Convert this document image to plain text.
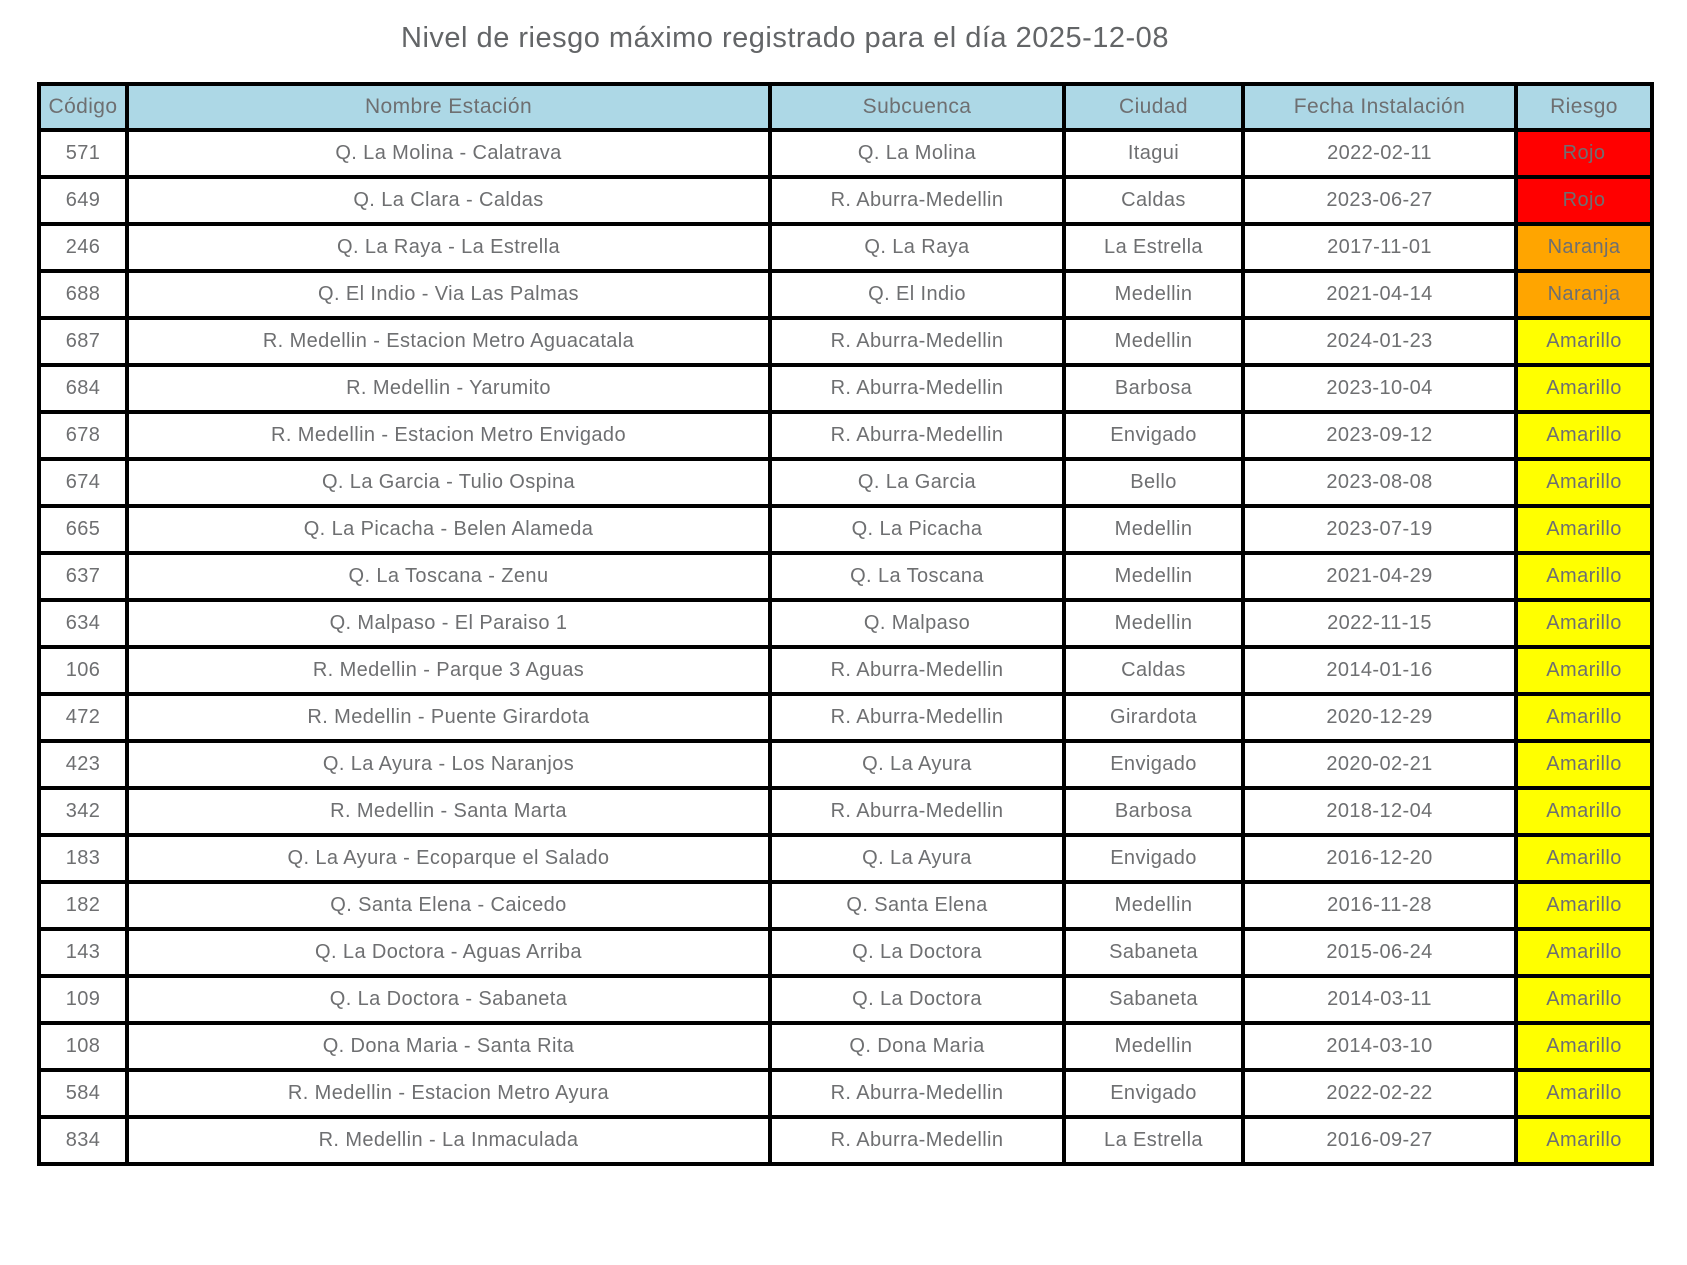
Nivel de riesgo máximo registrado para el día 2025-12-08
Código	Nombre Estación	Subcuenca	Ciudad	Fecha Instalación	Riesgo
571	Q. La Molina - Calatrava	Q. La Molina	Itagui	2022-02-11	Rojo
649	Q. La Clara - Caldas	R. Aburra-Medellin	Caldas	2023-06-27	Rojo
246	Q. La Raya - La Estrella	Q. La Raya	La Estrella	2017-11-01	Naranja
688	Q. El Indio - Via Las Palmas	Q. El Indio	Medellin	2021-04-14	Naranja
687	R. Medellin - Estacion Metro Aguacatala	R. Aburra-Medellin	Medellin	2024-01-23	Amarillo
684	R. Medellin - Yarumito	R. Aburra-Medellin	Barbosa	2023-10-04	Amarillo
678	R. Medellin - Estacion Metro Envigado	R. Aburra-Medellin	Envigado	2023-09-12	Amarillo
674	Q. La Garcia - Tulio Ospina	Q. La Garcia	Bello	2023-08-08	Amarillo
665	Q. La Picacha - Belen Alameda	Q. La Picacha	Medellin	2023-07-19	Amarillo
637	Q. La Toscana - Zenu	Q. La Toscana	Medellin	2021-04-29	Amarillo
634	Q. Malpaso - El Paraiso 1	Q. Malpaso	Medellin	2022-11-15	Amarillo
106	R. Medellin - Parque 3 Aguas	R. Aburra-Medellin	Caldas	2014-01-16	Amarillo
472	R. Medellin - Puente Girardota	R. Aburra-Medellin	Girardota	2020-12-29	Amarillo
423	Q. La Ayura - Los Naranjos	Q. La Ayura	Envigado	2020-02-21	Amarillo
342	R. Medellin - Santa Marta	R. Aburra-Medellin	Barbosa	2018-12-04	Amarillo
183	Q. La Ayura - Ecoparque el Salado	Q. La Ayura	Envigado	2016-12-20	Amarillo
182	Q. Santa Elena - Caicedo	Q. Santa Elena	Medellin	2016-11-28	Amarillo
143	Q. La Doctora - Aguas Arriba	Q. La Doctora	Sabaneta	2015-06-24	Amarillo
109	Q. La Doctora - Sabaneta	Q. La Doctora	Sabaneta	2014-03-11	Amarillo
108	Q. Dona Maria - Santa Rita	Q. Dona Maria	Medellin	2014-03-10	Amarillo
584	R. Medellin - Estacion Metro Ayura	R. Aburra-Medellin	Envigado	2022-02-22	Amarillo
834	R. Medellin - La Inmaculada	R. Aburra-Medellin	La Estrella	2016-09-27	Amarillo
